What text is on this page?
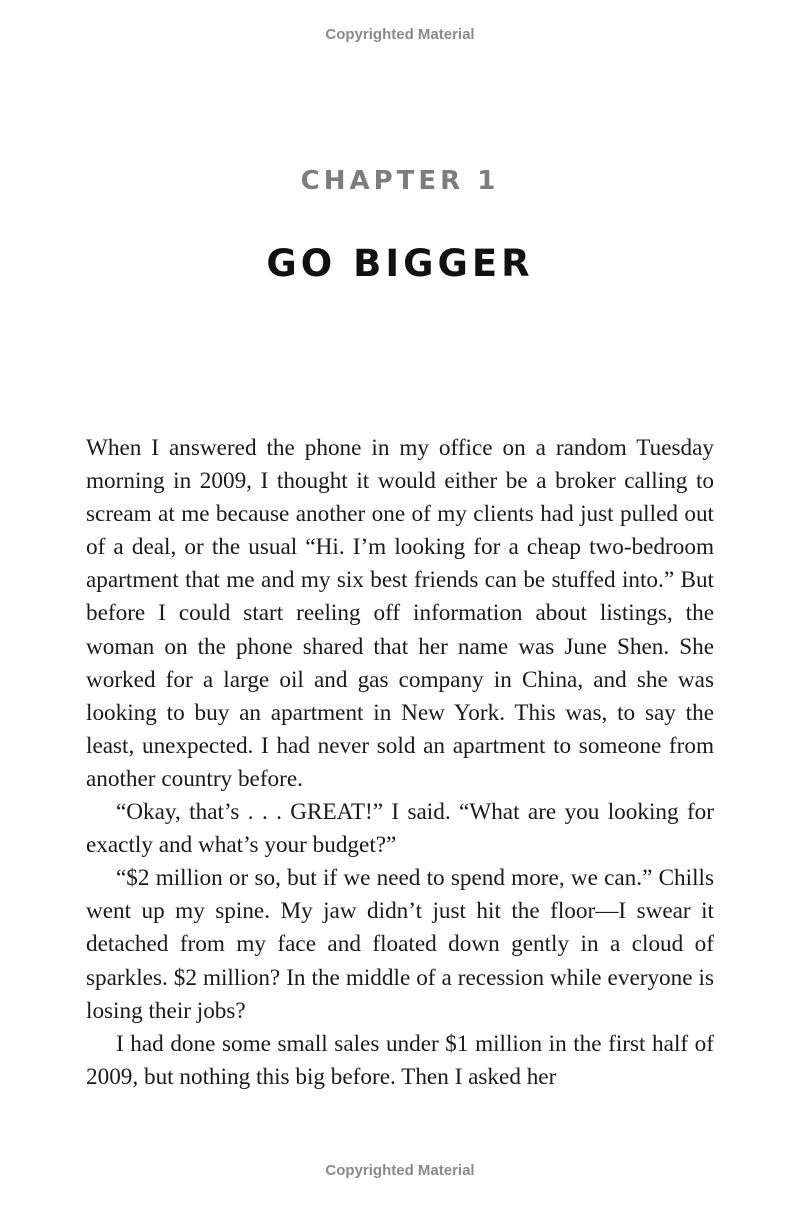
Copyrighted Material
CHAPTER 1
GO BIGGER

When I answered the phone in my office on a random Tuesday morning in 2009, I thought it would either be a broker calling to scream at me because another one of my clients had just pulled out of a deal, or the usual “Hi. I’m looking for a cheap two-bedroom apartment that me and my six best friends can be stuffed into.” But before I could start reeling off information about listings, the woman on the phone shared that her name was June Shen. She worked for a large oil and gas company in China, and she was looking to buy an apartment in New York. This was, to say the least, unexpected. I had never sold an apartment to someone from another country before.

“Okay, that’s . . . GREAT!” I said. “What are you looking for exactly and what’s your budget?”

“$2 million or so, but if we need to spend more, we can.” Chills went up my spine. My jaw didn’t just hit the floor—I swear it detached from my face and floated down gently in a cloud of sparkles. $2 million? In the middle of a recession while everyone is losing their jobs?

I had done some small sales under $1 million in the first half of 2009, but nothing this big before. Then I asked her

Copyrighted Material
